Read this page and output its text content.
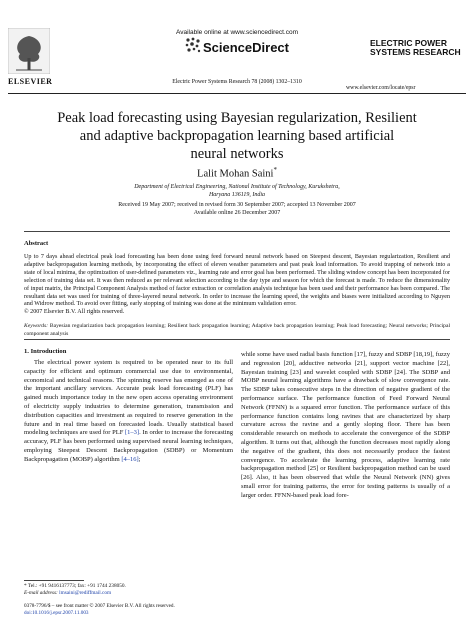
ELSEVIER
Available online at www.sciencedirect.com
ScienceDirect
Electric Power Systems Research 78 (2008) 1302–1310
ELECTRIC POWER
SYSTEMS RESEARCH
www.elsevier.com/locate/epsr
Peak load forecasting using Bayesian regularization, Resilient
and adaptive backpropagation learning based artificial
neural networks
Lalit Mohan Saini*
Department of Electrical Engineering, National Institute of Technology, Kurukshetra,
Haryana 136119, India
Received 19 May 2007; received in revised form 30 September 2007; accepted 13 November 2007
Available online 26 December 2007
Abstract
Up to 7 days ahead electrical peak load forecasting has been done using feed forward neural network based on Steepest descent, Bayesian regularization, Resilient and adaptive backpropagation learning methods, by incorporating the effect of eleven weather parameters and past peak load information. To avoid trapping of network into a state of local minima, the optimization of user-defined parameters viz., learning rate and error goal has been performed. The sliding window concept has been incorporated for selection of training data set. It was then reduced as per relevant selection according to the day type and season for which the forecast is made. To reduce the dimensionality of input matrix, the Principal Component Analysis method of factor extraction or correlation analysis technique has been used and their performance has been compared. The resultant data set was used for training of three-layered neural network. In order to increase the learning speed, the weights and biases were initialized according to Nguyen and Widrow method. To avoid over fitting, early stopping of training was done at the minimum validation error.
© 2007 Elsevier B.V. All rights reserved.
Keywords: Bayesian regularization back propagation learning; Resilient back propagation learning; Adaptive back propagation learning; Peak load forecasting; Neural networks; Principal component analysis
1. Introduction

The electrical power system is required to be operated near to its full capacity for efficient and optimum commercial use due to environmental, economical and technical reasons. The spinning reserve has emerged as one of the important ancillary services. Accurate peak load forecasting (PLF) has gained much importance today in the new open access operating environment of electricity supply industries to determine generation, transmission and distribution capacities and investment as required to reserve generation in the future and in real time based on forecasted loads. Usually statistical based modeling techniques are used for PLF [1–3]. In order to increase the forecasting accuracy, PLF has been performed using supervised neural learning techniques, employing Steepest Descent Backpropagation (SDBP) or Momentum Backpropagation (MOBP) algorithm [4–16];

while some have used radial basis function [17], fuzzy and SDBP [18,19], fuzzy and regression [20], adductive networks [21], support vector machine [22], Bayesian training [23] and wavelet coupled with SDBP [24]. The SDBP and MOBP neural learning algorithms have a drawback of slow convergence rate. The SDBP takes consecutive steps in the direction of negative gradient of the performance surface. The performance function of Feed Forward Neural Network (FFNN) is a squared error function. The performance surface of this performance function contains long ravines that are characterized by sharp curvature across the ravine and a gently sloping floor. There has been considerable research on methods to accelerate the convergence of the SDBP algorithm. It turns out that, although the function decreases most rapidly along the negative of the gradient, this does not necessarily produce the fastest convergence. To accelerate the learning process, adaptive learning rate backpropagation method [25] or Resilient backpropagation method can be used [26]. Also, it has been observed that while the Neural Network (NN) gives small error for training patterns, the error for testing patterns is usually of a larger order. FFNN-based peak load fore-

* Tel.: +91 9416137773; fax: +91 1744 238050.
E-mail address: lmsaini@rediffmail.com
0378-7796/$ – see front matter © 2007 Elsevier B.V. All rights reserved.
doi:10.1016/j.epsr.2007.11.003
